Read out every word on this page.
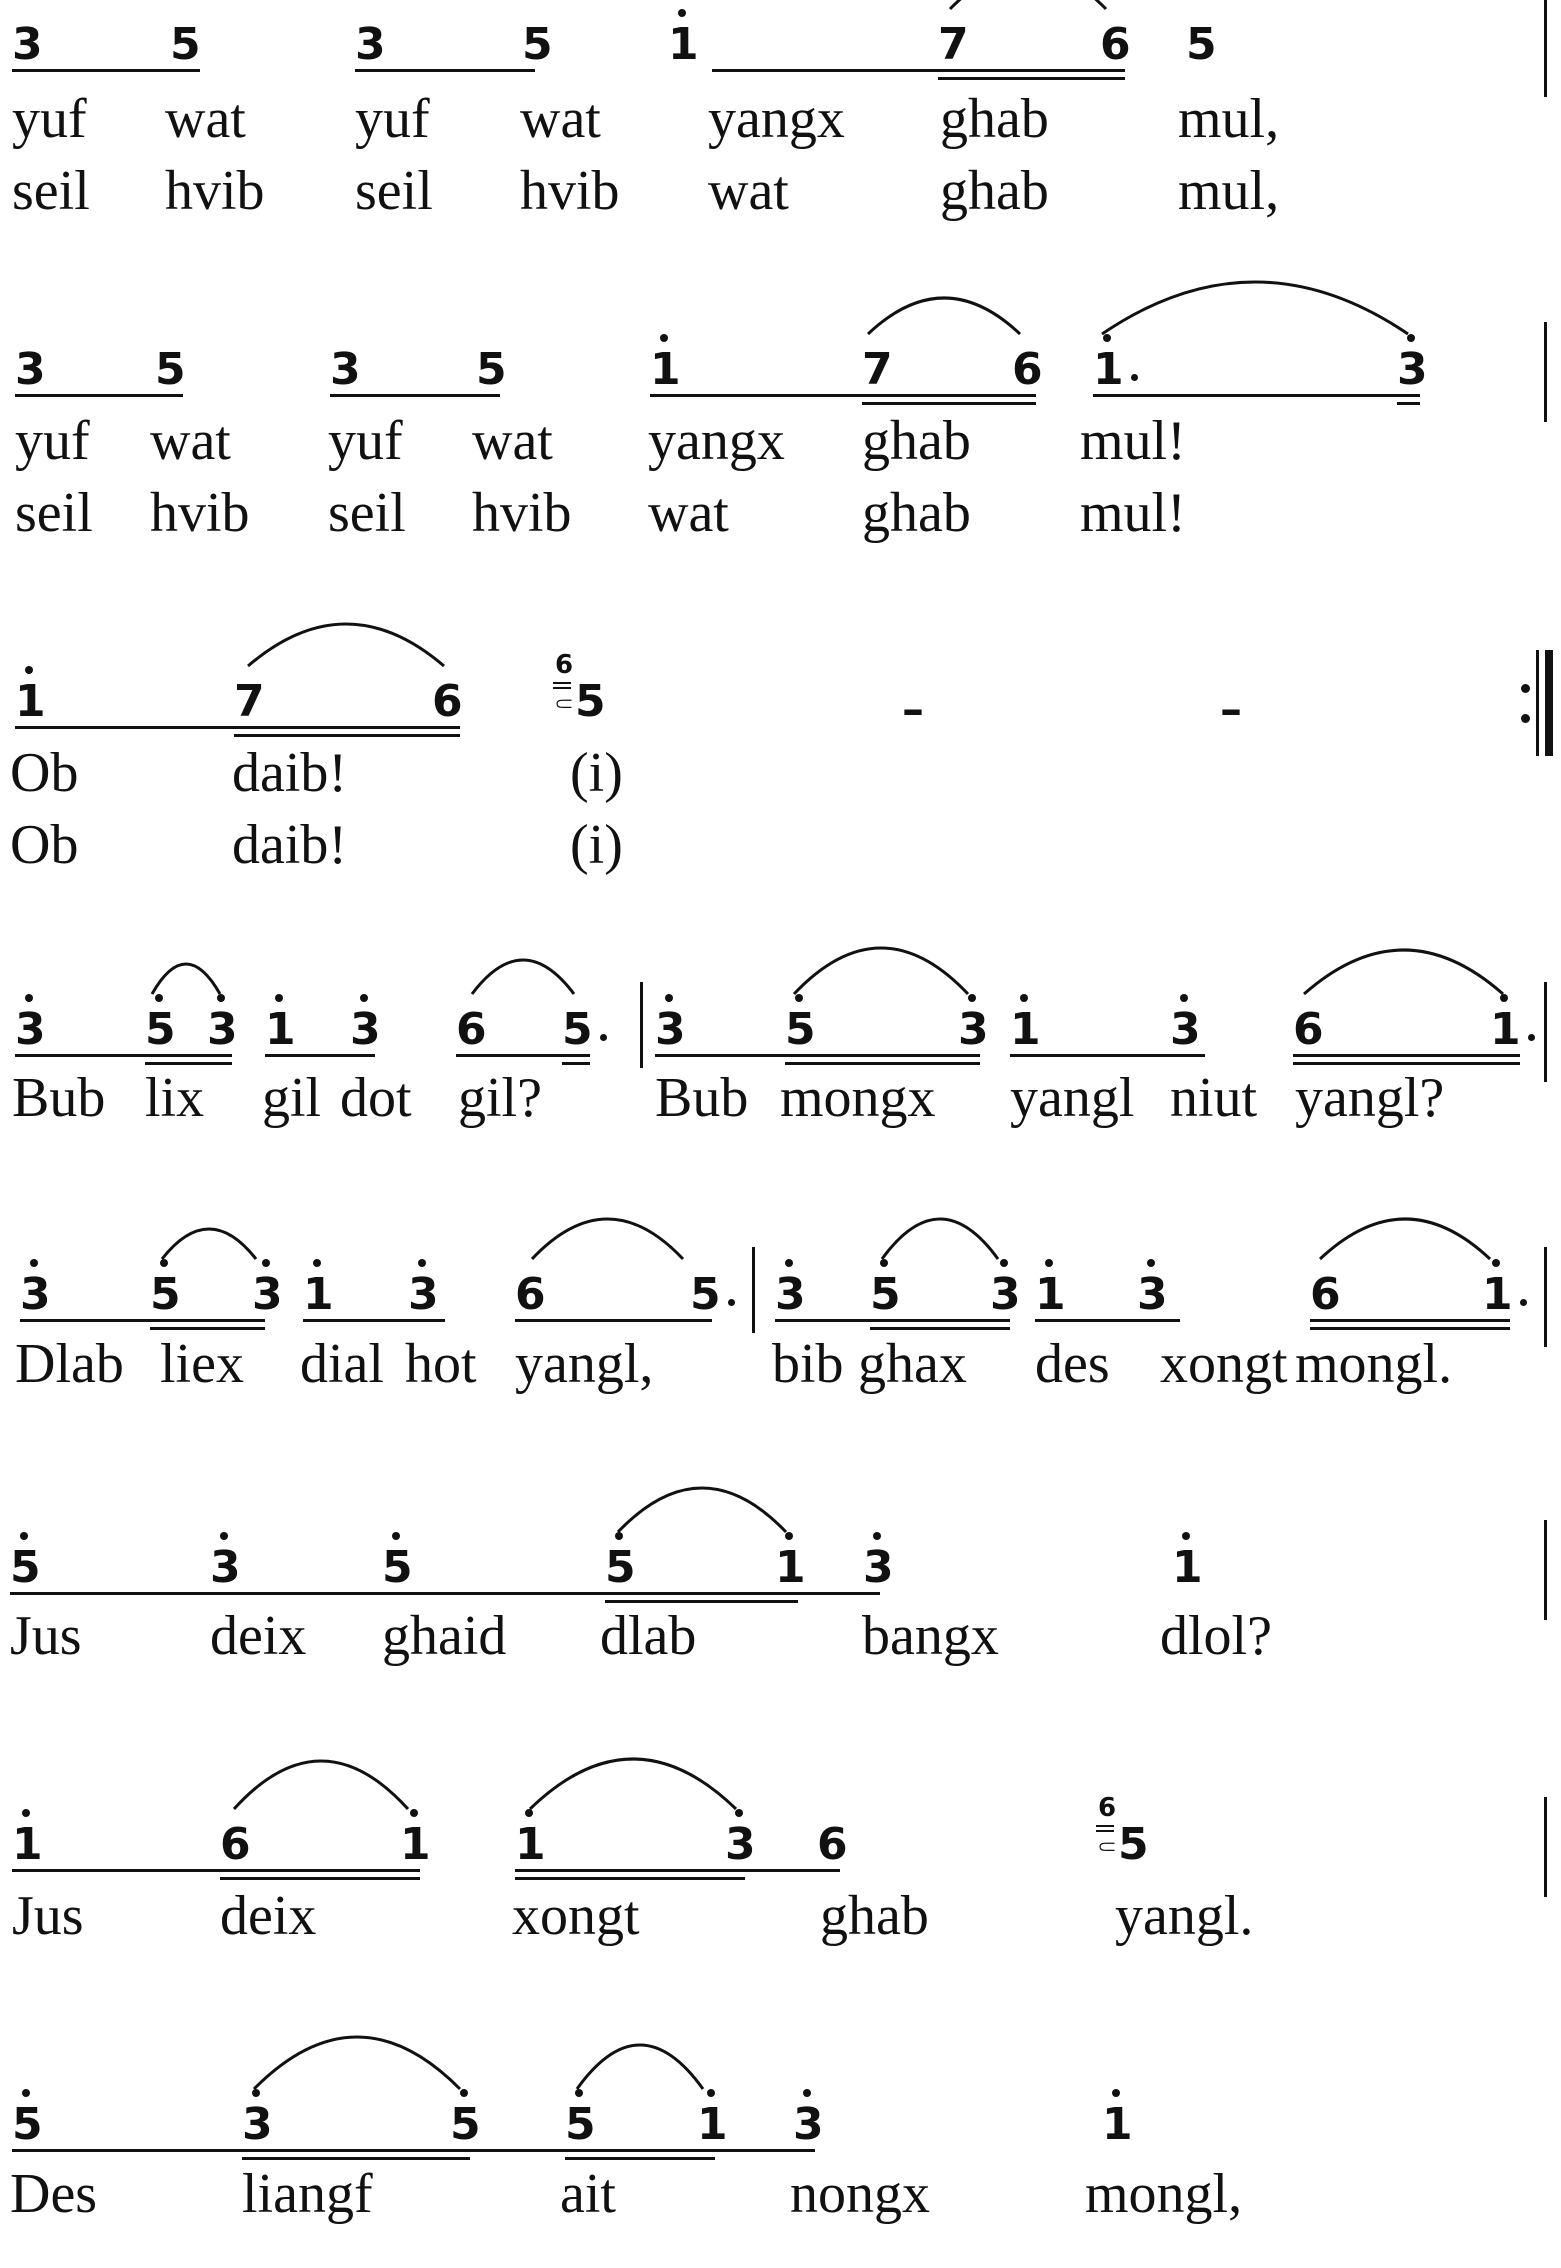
3	5	3	5	1	7	6 5
yuf wat yuf wat yangx ghab mul,
seil hvib seil hvib wat	ghab mul,
3 5	3	5	1	7	6 1	3
yuf wat yuf wat yangx ghab mul!
seil hvib seil hvib wat ghab mul!
1	7	6	5
6
⸦	–	–
Ob	daib!	(i)
Ob	daib!	(i)
3 5 3 1 3 6 5 3 5	3 1	3 6	1
Bub lix gil dot gil? Bub mongx yangl niut yangl?
3 5 3 1 3 6	5 3 5 3 1 3	6	1
Dlab liex dial hot yangl, bib ghax des xongt mongl.
5	3	5	5	1 3	1
Jus deix ghaid dlab	bangx	dlol?
1	6	1 1	3 6	5
6
⸦
Jus deix	xongt	ghab	yangl.
5	3	5 5 1 3	1
Des	liangf	ait	nongx	mongl,
